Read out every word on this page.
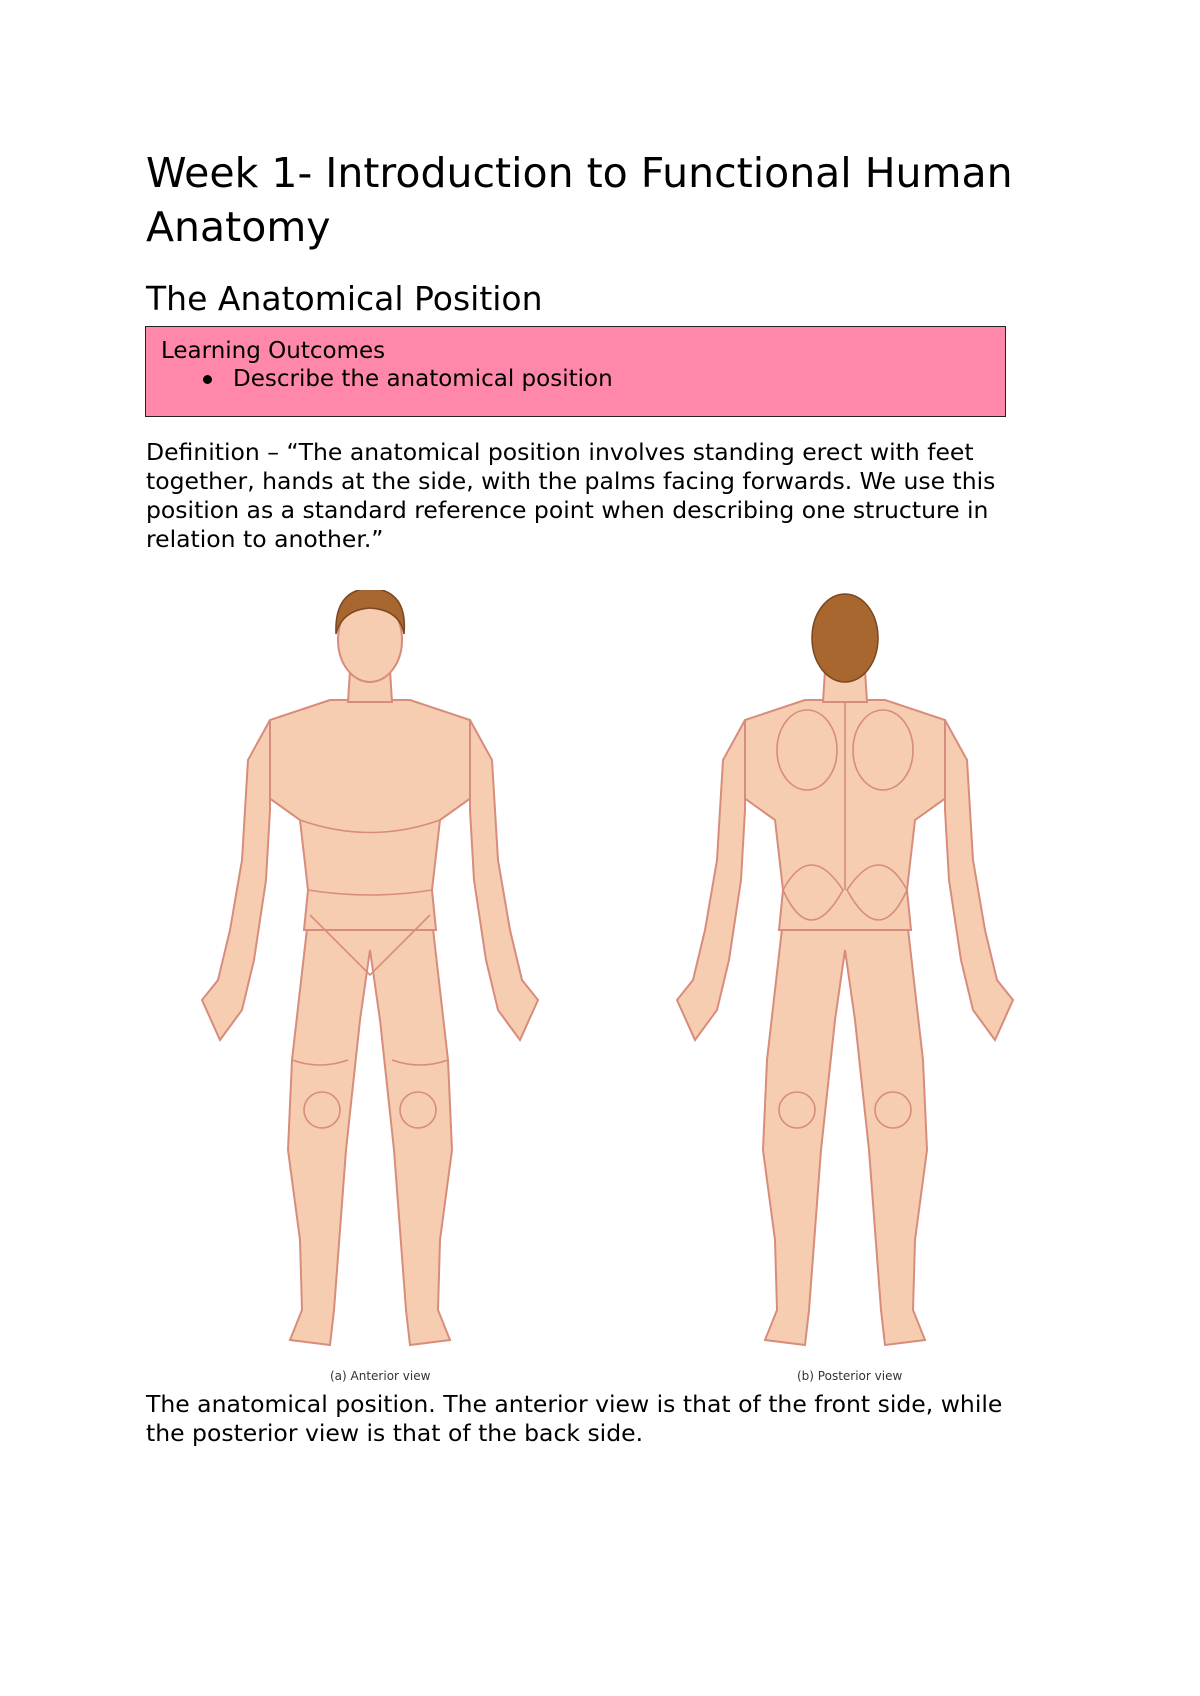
Week 1- Introduction to Functional Human Anatomy
The Anatomical Position
Learning Outcomes
Describe the anatomical position

Definition – “The anatomical position involves standing erect with feet together, hands at the side, with the palms facing forwards. We use this position as a standard reference point when describing one structure in relation to another.”

(a) Anterior view	(b) Posterior view

The anatomical position. The anterior view is that of the front side, while the posterior view is that of the back side.
